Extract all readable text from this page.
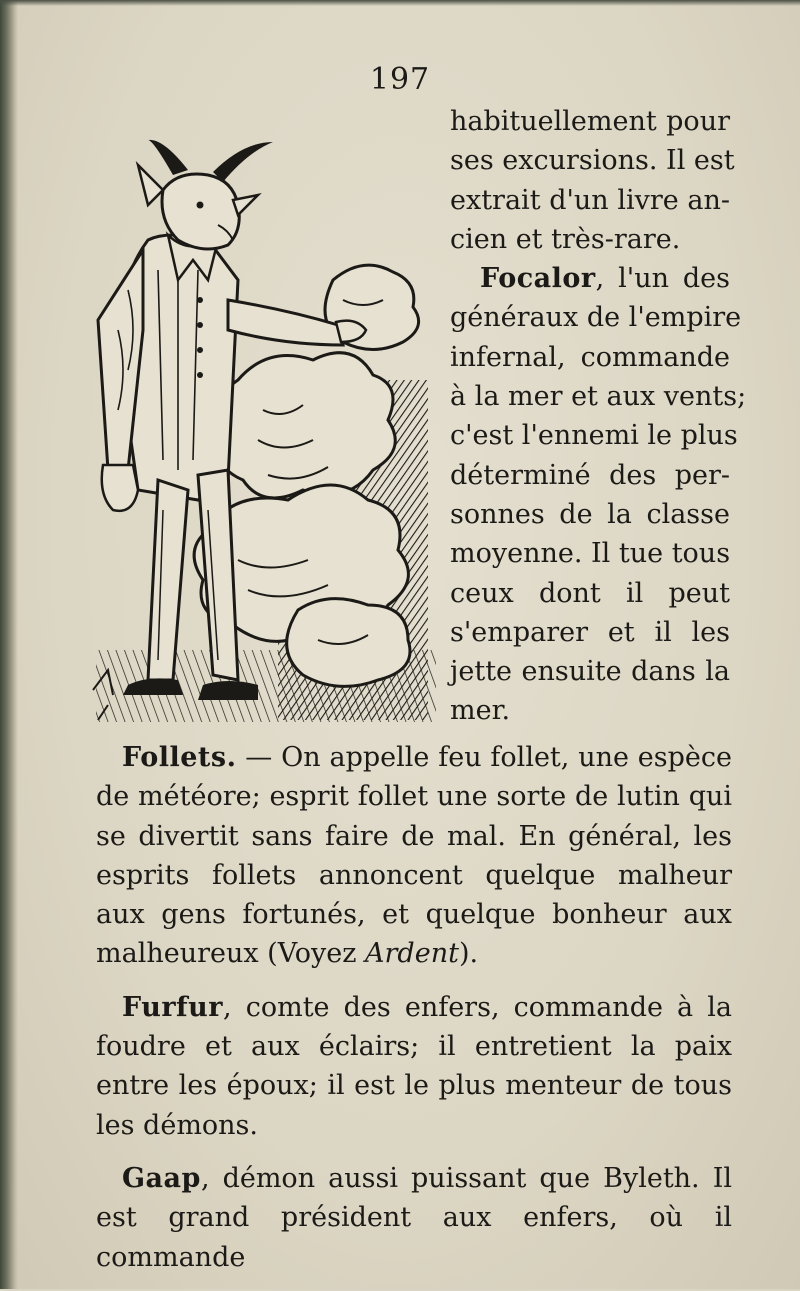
197
habituellement pour
ses excursions. Il est
extrait d'un livre an-
cien et très-rare.
Focalor, l'un des
généraux de l'empire
infernal, commande
à la mer et aux vents;
c'est l'ennemi le plus
déterminé des per-
sonnes de la classe
moyenne. Il tue tous
ceux dont il peut
s'emparer et il les
jette ensuite dans la
mer.

Follets. — On appelle feu follet, une espèce de météore; esprit follet une sorte de lutin qui se divertit sans faire de mal. En général, les esprits follets annoncent quelque malheur aux gens fortunés, et quelque bonheur aux malheureux (Voyez Ardent).

Furfur, comte des enfers, commande à la foudre et aux éclairs; il entretient la paix entre les époux; il est le plus menteur de tous les démons.

Gaap, démon aussi puissant que Byleth. Il est grand président aux enfers, où il commande
